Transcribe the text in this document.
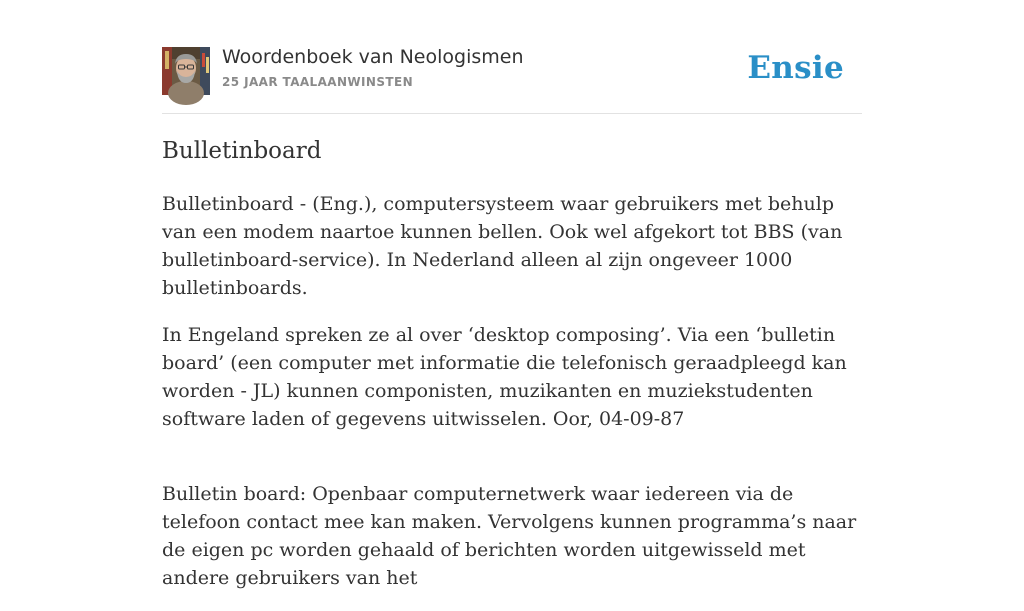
Woordenboek van Neologismen
25 JAAR TAALAANWINSTEN	Ensie
Bulletinboard

Bulletinboard - (Eng.), computersysteem waar gebruikers met behulp van een modem naartoe kunnen bellen. Ook wel afgekort tot BBS (van bulletinboard-service). In Nederland alleen al zijn ongeveer 1000 bulletinboards.

In Engeland spreken ze al over ‘desktop composing’. Via een ‘bulletin board’ (een computer met informatie die telefonisch geraadpleegd kan worden - JL) kunnen componisten, muzikanten en muziekstudenten software laden of gegevens uitwisselen. Oor, 04-09-87

Bulletin board: Openbaar computernetwerk waar iedereen via de telefoon contact mee kan maken. Vervolgens kunnen programma’s naar de eigen pc worden gehaald of berichten worden uitgewisseld met andere gebruikers van het
